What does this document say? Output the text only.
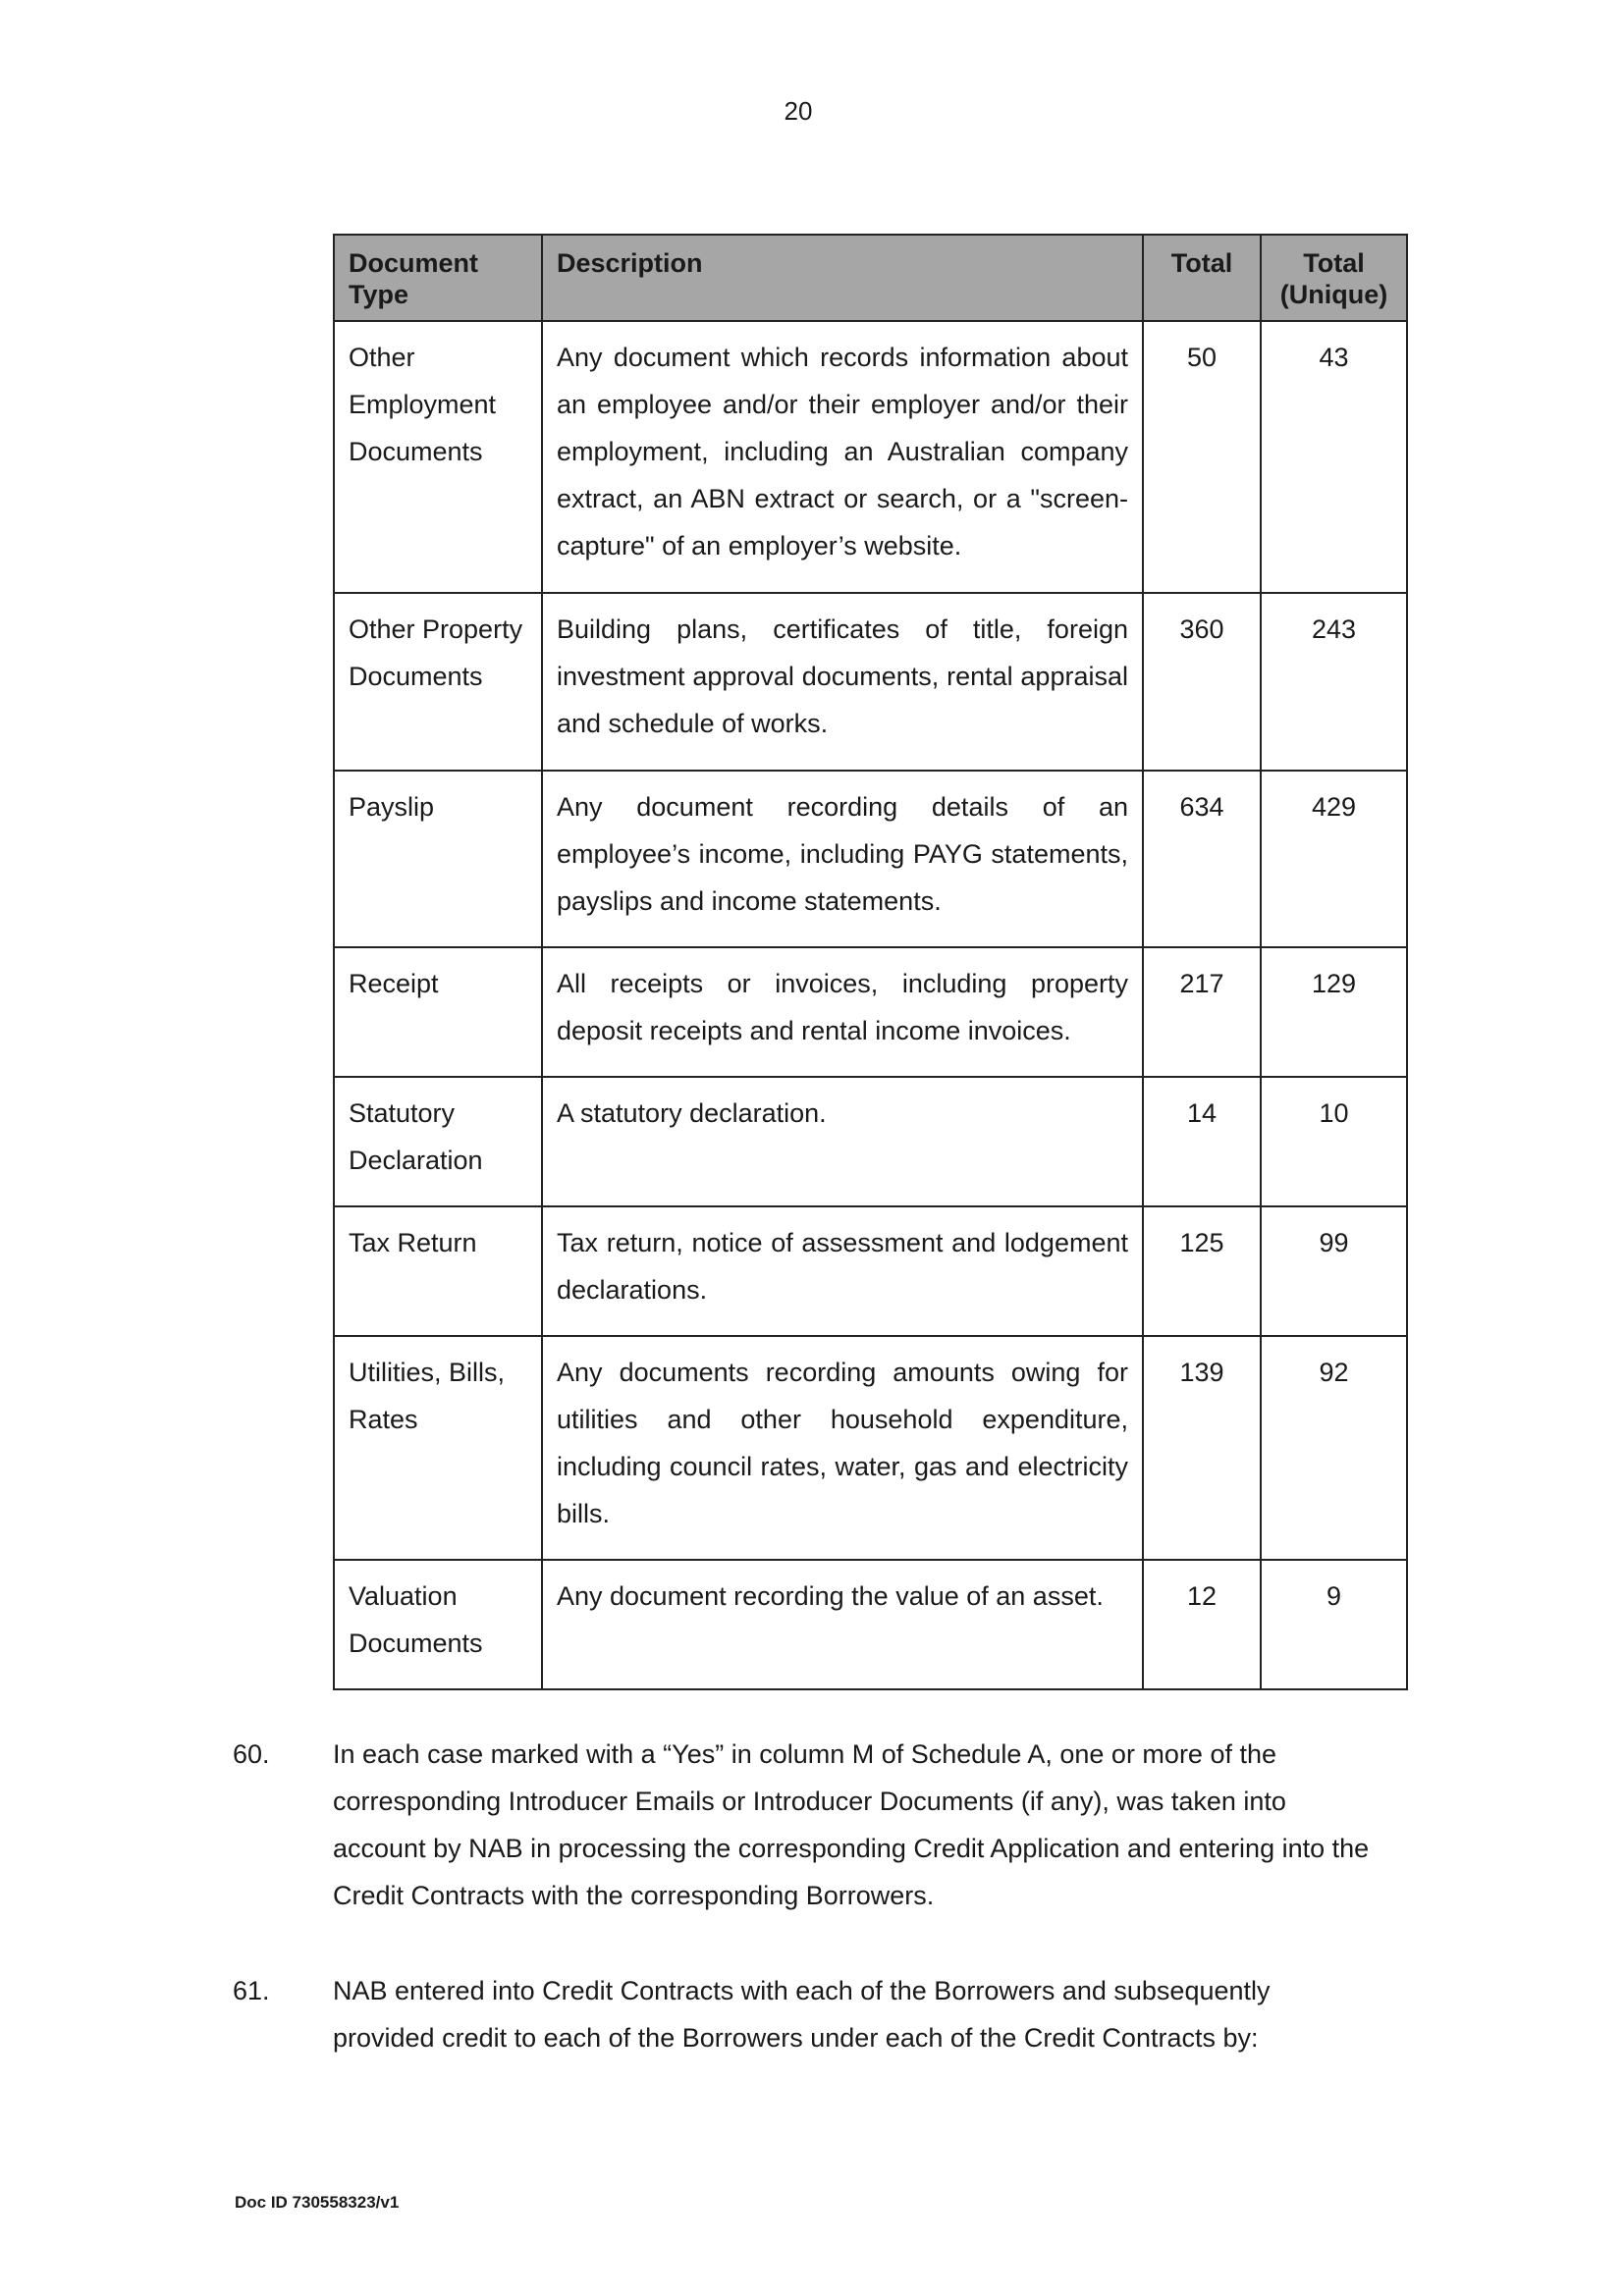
20
Document Type	Description	Total	Total (Unique)
Other Employment Documents	Any document which records information about an employee and/or their employer and/or their employment, including an Australian company extract, an ABN extract or search, or a "screen-capture" of an employer’s website.	50	43
Other Property Documents	Building plans, certificates of title, foreign investment approval documents, rental appraisal and schedule of works.	360	243
Payslip	Any document recording details of an employee’s income, including PAYG statements, payslips and income statements.	634	429
Receipt	All receipts or invoices, including property deposit receipts and rental income invoices.	217	129
Statutory Declaration	A statutory declaration.	14	10
Tax Return	Tax return, notice of assessment and lodgement declarations.	125	99
Utilities, Bills, Rates	Any documents recording amounts owing for utilities and other household expenditure, including council rates, water, gas and electricity bills.	139	92
Valuation Documents	Any document recording the value of an asset.	12	9
60. In each case marked with a “Yes” in column M of Schedule A, one or more of the corresponding Introducer Emails or Introducer Documents (if any), was taken into account by NAB in processing the corresponding Credit Application and entering into the Credit Contracts with the corresponding Borrowers.
61. NAB entered into Credit Contracts with each of the Borrowers and subsequently provided credit to each of the Borrowers under each of the Credit Contracts by:
Doc ID 730558323/v1
